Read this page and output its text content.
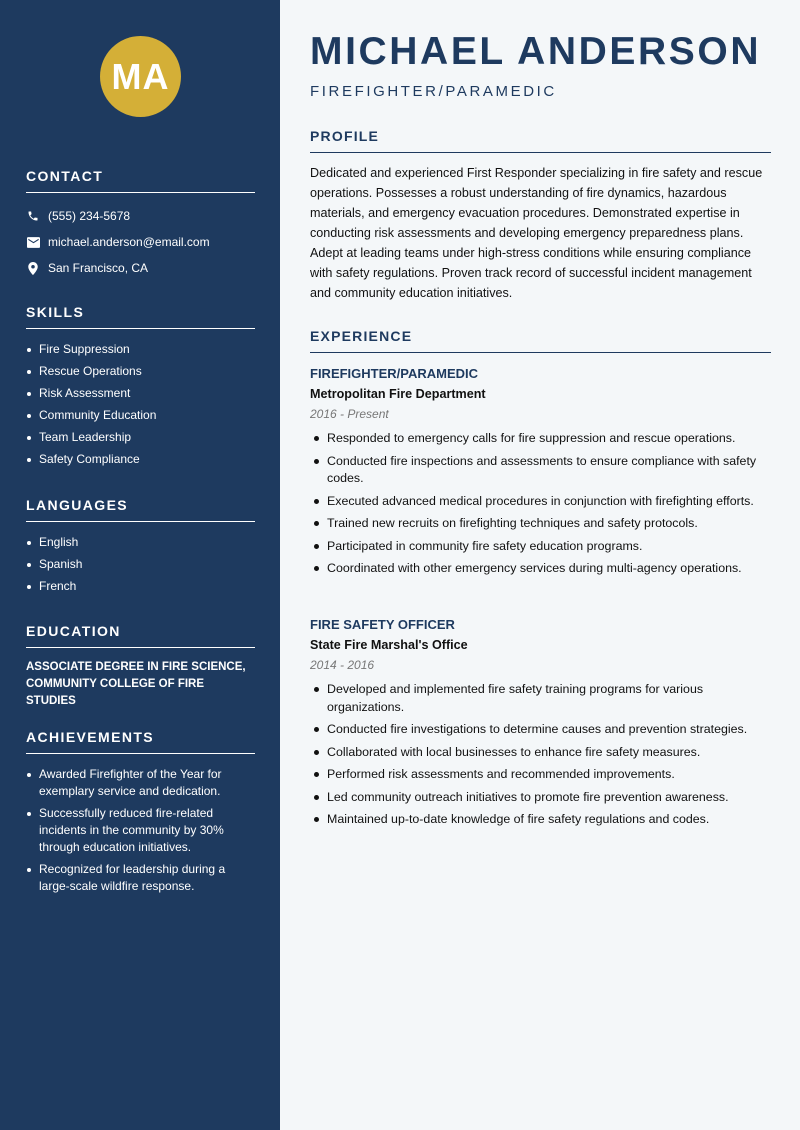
MA
CONTACT
(555) 234-5678
michael.anderson@email.com
San Francisco, CA
SKILLS
Fire Suppression
Rescue Operations
Risk Assessment
Community Education
Team Leadership
Safety Compliance
LANGUAGES
English
Spanish
French
EDUCATION
ASSOCIATE DEGREE IN FIRE SCIENCE, COMMUNITY COLLEGE OF FIRE STUDIES
ACHIEVEMENTS
Awarded Firefighter of the Year for exemplary service and dedication.
Successfully reduced fire-related incidents in the community by 30% through education initiatives.
Recognized for leadership during a large-scale wildfire response.
MICHAEL ANDERSON
FIREFIGHTER/PARAMEDIC
PROFILE

Dedicated and experienced First Responder specializing in fire safety and rescue operations. Possesses a robust understanding of fire dynamics, hazardous materials, and emergency evacuation procedures. Demonstrated expertise in conducting risk assessments and developing emergency preparedness plans. Adept at leading teams under high-stress conditions while ensuring compliance with safety regulations. Proven track record of successful incident management and community education initiatives.

EXPERIENCE
FIREFIGHTER/PARAMEDIC
Metropolitan Fire Department
2016 - Present
Responded to emergency calls for fire suppression and rescue operations.
Conducted fire inspections and assessments to ensure compliance with safety codes.
Executed advanced medical procedures in conjunction with firefighting efforts.
Trained new recruits on firefighting techniques and safety protocols.
Participated in community fire safety education programs.
Coordinated with other emergency services during multi-agency operations.
FIRE SAFETY OFFICER
State Fire Marshal's Office
2014 - 2016
Developed and implemented fire safety training programs for various organizations.
Conducted fire investigations to determine causes and prevention strategies.
Collaborated with local businesses to enhance fire safety measures.
Performed risk assessments and recommended improvements.
Led community outreach initiatives to promote fire prevention awareness.
Maintained up-to-date knowledge of fire safety regulations and codes.
